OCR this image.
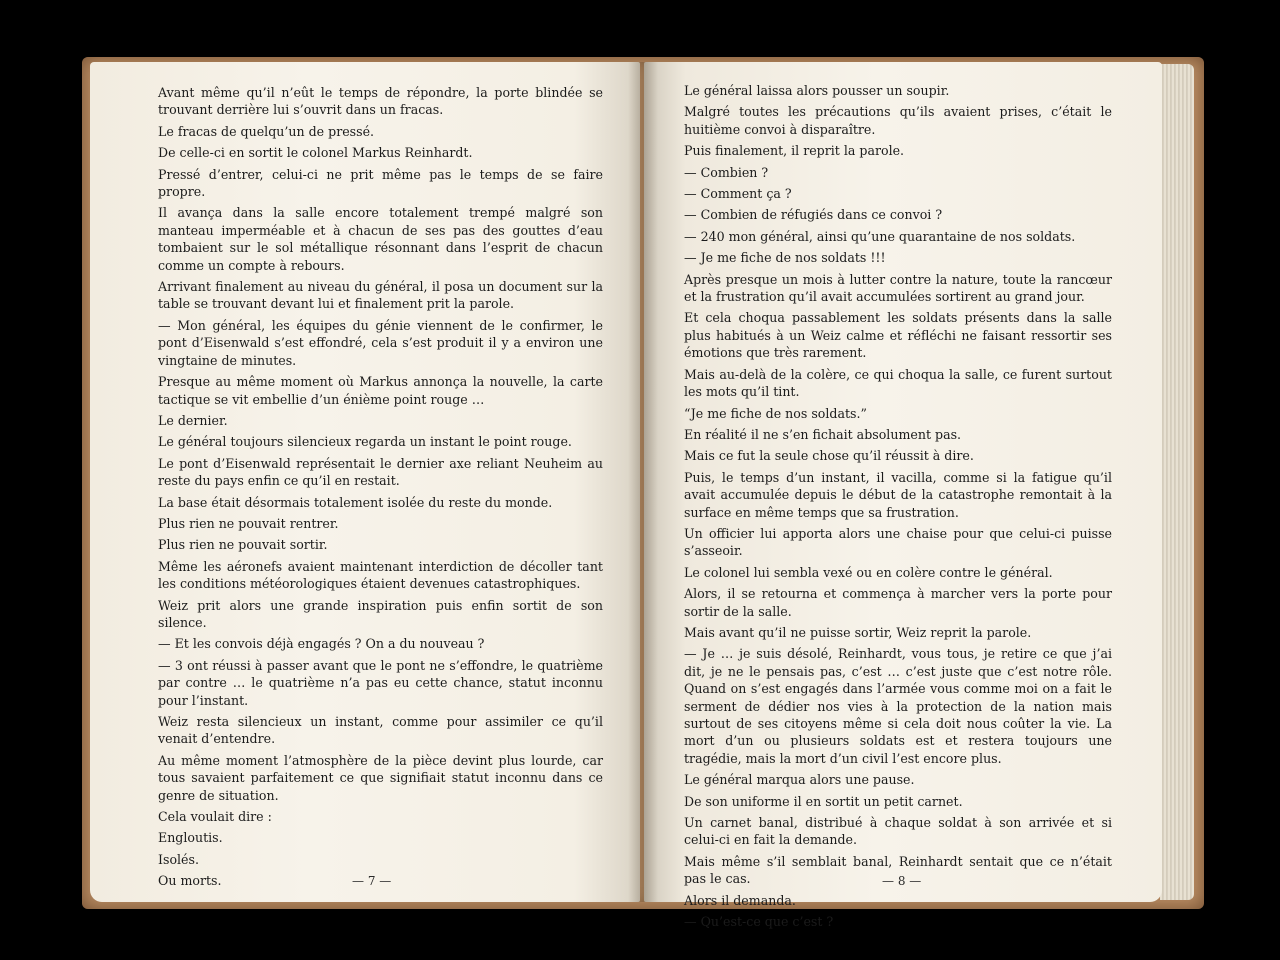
Avant même qu’il n’eût le temps de répondre, la porte blindée se trouvant derrière lui s’ouvrit dans un fracas.

Le fracas de quelqu’un de pressé.

De celle-ci en sortit le colonel Markus Reinhardt.

Pressé d’entrer, celui-ci ne prit même pas le temps de se faire propre.

Il avança dans la salle encore totalement trempé malgré son manteau imperméable et à chacun de ses pas des gouttes d’eau tombaient sur le sol métallique résonnant dans l’esprit de chacun comme un compte à rebours.

Arrivant finalement au niveau du général, il posa un document sur la table se trouvant devant lui et finalement prit la parole.

— Mon général, les équipes du génie viennent de le confirmer, le pont d’Eisenwald s’est effondré, cela s’est produit il y a environ une vingtaine de minutes.

Presque au même moment où Markus annonça la nouvelle, la carte tactique se vit embellie d’un énième point rouge …

Le dernier.

Le général toujours silencieux regarda un instant le point rouge.

Le pont d’Eisenwald représentait le dernier axe reliant Neuheim au reste du pays enfin ce qu’il en restait.

La base était désormais totalement isolée du reste du monde.

Plus rien ne pouvait rentrer.

Plus rien ne pouvait sortir.

Même les aéronefs avaient maintenant interdiction de décoller tant les conditions météorologiques étaient devenues catastrophiques.

Weiz prit alors une grande inspiration puis enfin sortit de son silence.

— Et les convois déjà engagés ? On a du nouveau ?

— 3 ont réussi à passer avant que le pont ne s’effondre, le quatrième par contre … le quatrième n’a pas eu cette chance, statut inconnu pour l’instant.

Weiz resta silencieux un instant, comme pour assimiler ce qu’il venait d’entendre.

Au même moment l’atmosphère de la pièce devint plus lourde, car tous savaient parfaitement ce que signifiait statut inconnu dans ce genre de situation.

Cela voulait dire :

Engloutis.

Isolés.

Ou morts.	— 7 —

Le général laissa alors pousser un soupir.

Malgré toutes les précautions qu’ils avaient prises, c’était le huitième convoi à disparaître.

Puis finalement, il reprit la parole.

— Combien ?

— Comment ça ?

— Combien de réfugiés dans ce convoi ?

— 240 mon général, ainsi qu’une quarantaine de nos soldats.

— Je me fiche de nos soldats !!!

Après presque un mois à lutter contre la nature, toute la rancœur et la frustration qu’il avait accumulées sortirent au grand jour.

Et cela choqua passablement les soldats présents dans la salle plus habitués à un Weiz calme et réfléchi ne faisant ressortir ses émotions que très rarement.

Mais au-delà de la colère, ce qui choqua la salle, ce furent surtout les mots qu’il tint.

“Je me fiche de nos soldats.”

En réalité il ne s’en fichait absolument pas.

Mais ce fut la seule chose qu’il réussit à dire.

Puis, le temps d’un instant, il vacilla, comme si la fatigue qu’il avait accumulée depuis le début de la catastrophe remontait à la surface en même temps que sa frustration.

Un officier lui apporta alors une chaise pour que celui-ci puisse s’asseoir.

Le colonel lui sembla vexé ou en colère contre le général.

Alors, il se retourna et commença à marcher vers la porte pour sortir de la salle.

Mais avant qu’il ne puisse sortir, Weiz reprit la parole.

— Je … je suis désolé, Reinhardt, vous tous, je retire ce que j’ai dit, je ne le pensais pas, c’est … c’est juste que c’est notre rôle. Quand on s’est engagés dans l’armée vous comme moi on a fait le serment de dédier nos vies à la protection de la nation mais surtout de ses citoyens même si cela doit nous coûter la vie. La mort d’un ou plusieurs soldats est et restera toujours une tragédie, mais la mort d’un civil l’est encore plus.

Le général marqua alors une pause.

De son uniforme il en sortit un petit carnet.

Un carnet banal, distribué à chaque soldat à son arrivée et si celui-ci en fait la demande.

Mais même s’il semblait banal, Reinhardt sentait que ce n’était pas le cas.

Alors il demanda.

— Qu’est-ce que c’est ?

— 8 —
